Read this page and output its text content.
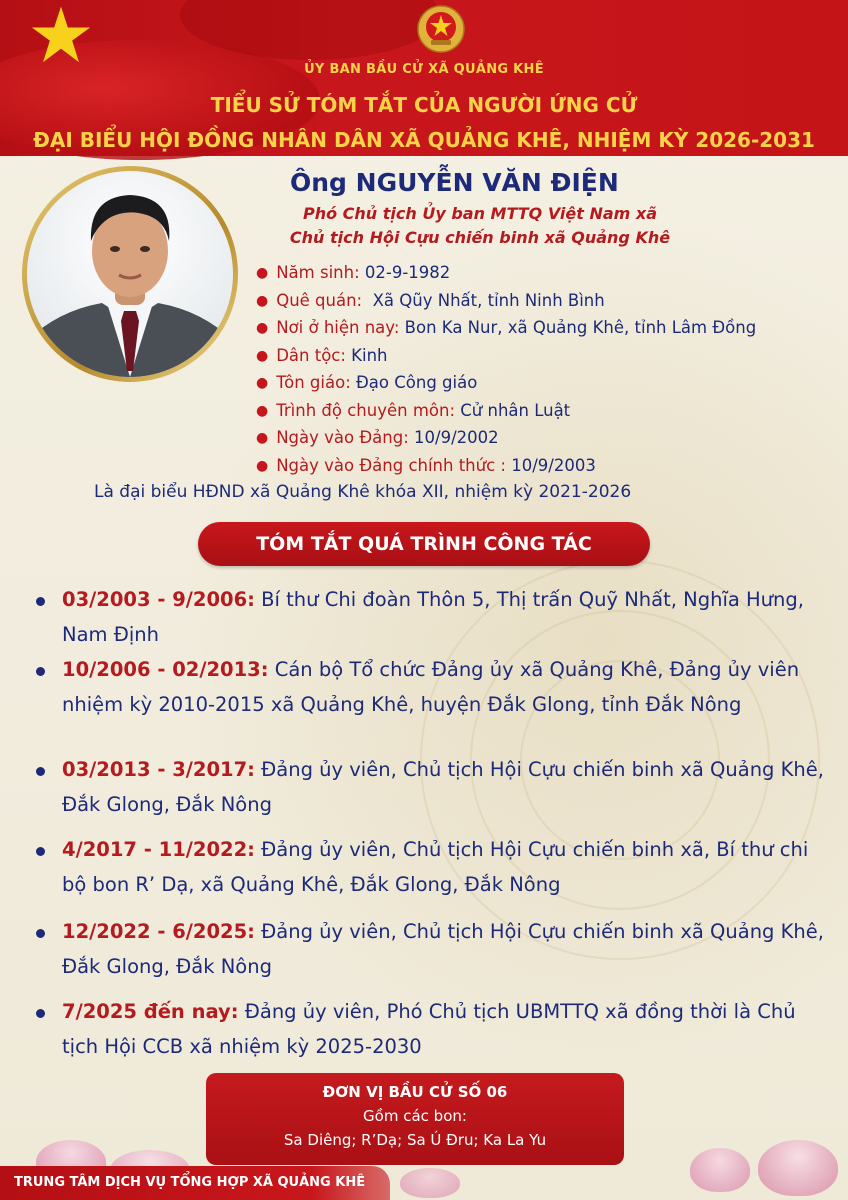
ỦY BAN BẦU CỬ XÃ QUẢNG KHÊ
TIỂU SỬ TÓM TẮT CỦA NGƯỜI ỨNG CỬ
ĐẠI BIỂU HỘI ĐỒNG NHÂN DÂN XÃ QUẢNG KHÊ, NHIỆM KỲ 2026-2031
Ông NGUYỄN VĂN ĐIỆN
Phó Chủ tịch Ủy ban MTTQ Việt Nam xã
Chủ tịch Hội Cựu chiến binh xã Quảng Khê
● Năm sinh: 02-9-1982
● Quê quán:  Xã Qũy Nhất, tỉnh Ninh Bình
● Nơi ở hiện nay: Bon Ka Nur, xã Quảng Khê, tỉnh Lâm Đồng
● Dân tộc: Kinh
● Tôn giáo: Đạo Công giáo
● Trình độ chuyên môn: Cử nhân Luật
● Ngày vào Đảng: 10/9/2002
● Ngày vào Đảng chính thức : 10/9/2003
Là đại biểu HĐND xã Quảng Khê khóa XII, nhiệm kỳ 2021-2026
TÓM TẮT QUÁ TRÌNH CÔNG TÁC
03/2003 - 9/2006: Bí thư Chi đoàn Thôn 5, Thị trấn Quỹ Nhất, Nghĩa Hưng, Nam Định
10/2006 - 02/2013: Cán bộ Tổ chức Đảng ủy xã Quảng Khê, Đảng ủy viên nhiệm kỳ 2010-2015 xã Quảng Khê, huyện Đắk Glong, tỉnh Đắk Nông
03/2013 - 3/2017: Đảng ủy viên, Chủ tịch Hội Cựu chiến binh xã Quảng Khê, Đắk Glong, Đắk Nông
4/2017 - 11/2022: Đảng ủy viên, Chủ tịch Hội Cựu chiến binh xã, Bí thư chi bộ bon R’ Dạ, xã Quảng Khê, Đắk Glong, Đắk Nông
12/2022 - 6/2025: Đảng ủy viên, Chủ tịch Hội Cựu chiến binh xã Quảng Khê, Đắk Glong, Đắk Nông
7/2025 đến nay: Đảng ủy viên, Phó Chủ tịch UBMTTQ xã đồng thời là Chủ tịch Hội CCB xã nhiệm kỳ 2025-2030
ĐƠN VỊ BẦU CỬ SỐ 06
Gồm các bon:
Sa Diêng; R’Dạ; Sa Ú Đru; Ka La Yu
TRUNG TÂM DỊCH VỤ TỔNG HỢP XÃ QUẢNG KHÊ
